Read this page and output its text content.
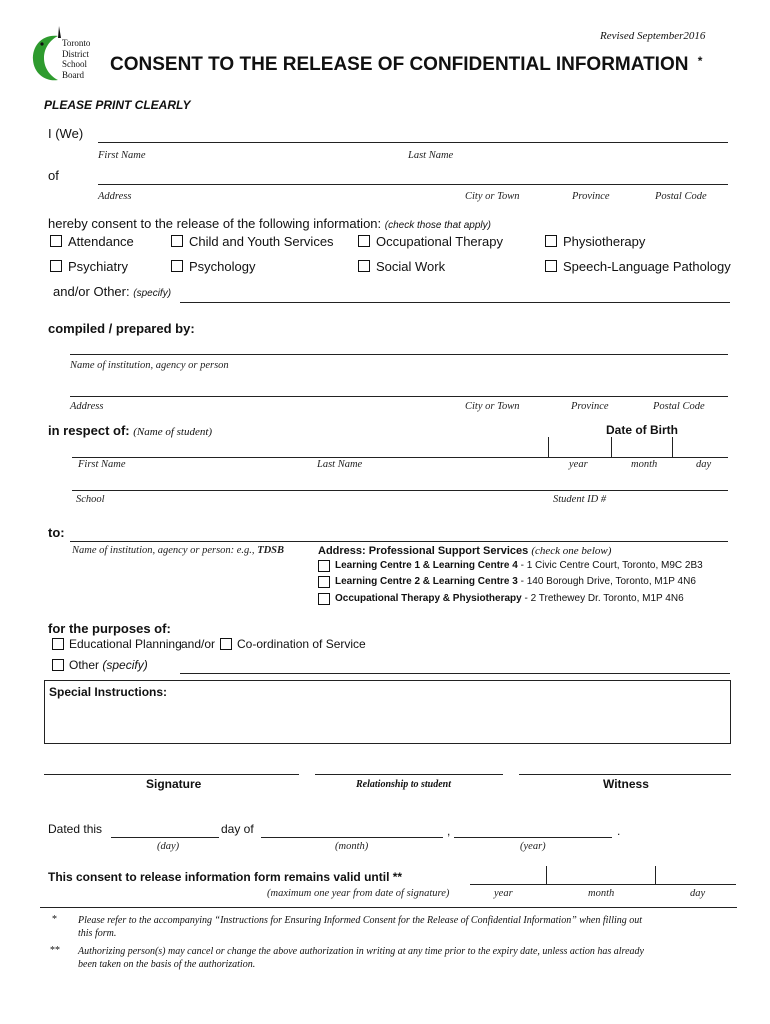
Revised September2016
Toronto
District
School
Board	CONSENT TO THE RELEASE OF CONFIDENTIAL INFORMATION *
PLEASE PRINT CLEARLY
I (We)
First Name	Last Name
of
Address	City or Town	Province	Postal Code
hereby consent to the release of the following information: (check those that apply)
Attendance	Child and Youth Services	Occupational Therapy	Physiotherapy
Psychiatry	Psychology	Social Work	Speech-Language Pathology
and/or Other: (specify)
compiled / prepared by:
Name of institution, agency or person
Address	City or Town	Province	Postal Code
in respect of: (Name of student)	Date of Birth
First Name	Last Name	year	month	day
School	Student ID #
to:
Name of institution, agency or person: e.g., TDSB	Address: Professional Support Services (check one below)
Learning Centre 1 & Learning Centre 4 - 1 Civic Centre Court, Toronto, M9C 2B3
Learning Centre 2 & Learning Centre 3 - 140 Borough Drive, Toronto, M1P 4N6
Occupational Therapy & Physiotherapy - 2 Trethewey Dr. Toronto, M1P 4N6
for the purposes of:
Educational Planning and/or Co-ordination of Service
Other (specify)
Special Instructions:
Signature	Relationship to student	Witness
Dated this	day of	,	.
(day)	(month)	(year)
This consent to release information form remains valid until **
(maximum one year from date of signature)	year	month	day
* Please refer to the accompanying “Instructions for Ensuring Informed Consent for the Release of Confidential Information” when filling out
this form.
** Authorizing person(s) may cancel or change the above authorization in writing at any time prior to the expiry date, unless action has already
been taken on the basis of the authorization.
